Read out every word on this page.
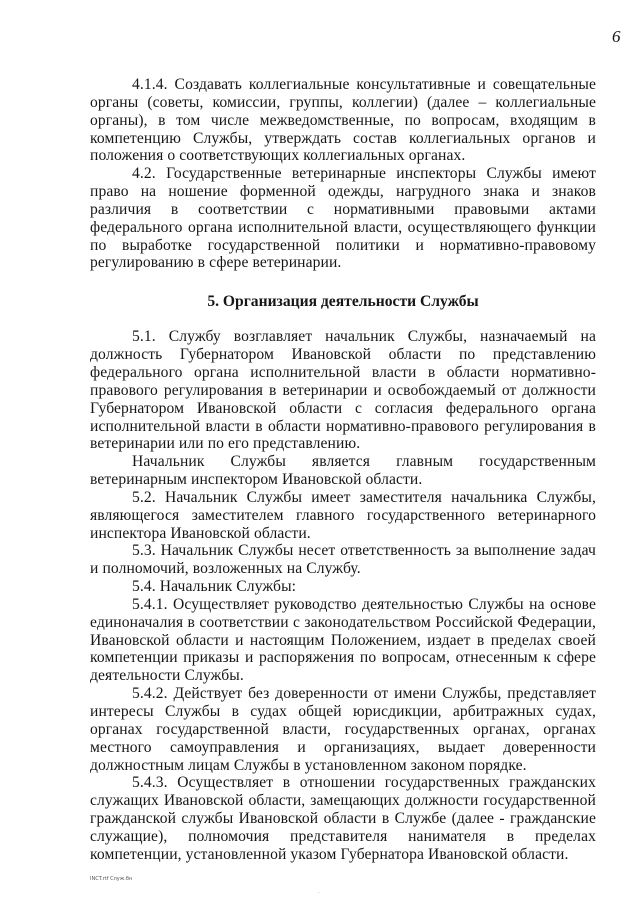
6

4.1.4. Создавать коллегиальные консультативные и совещательные органы (советы, комиссии, группы, коллегии) (далее – коллегиальные органы), в том числе межведомственные, по вопросам, входящим в компетенцию Службы, утверждать состав коллегиальных органов и положения о соответствующих коллегиальных органах.

4.2. Государственные ветеринарные инспекторы Службы имеют право на ношение форменной одежды, нагрудного знака и знаков различия в соответствии с нормативными правовыми актами федерального органа исполнительной власти, осуществляющего функции по выработке государственной политики и нормативно-правовому регулированию в сфере ветеринарии.

5. Организация деятельности Службы

5.1. Службу возглавляет начальник Службы, назначаемый на должность Губернатором Ивановской области по представлению федерального органа исполнительной власти в области нормативно-правового регулирования в ветеринарии и освобождаемый от должности Губернатором Ивановской области с согласия федерального органа исполнительной власти в области нормативно-правового регулирования в ветеринарии или по его представлению.

Начальник Службы является главным государственным ветеринарным инспектором Ивановской области.

5.2. Начальник Службы имеет заместителя начальника Службы, являющегося заместителем главного государственного ветеринарного инспектора Ивановской области.

5.3. Начальник Службы несет ответственность за выполнение задач и полномочий, возложенных на Службу.

5.4. Начальник Службы:

5.4.1. Осуществляет руководство деятельностью Службы на основе единоначалия в соответствии с законодательством Российской Федерации, Ивановской области и настоящим Положением, издает в пределах своей компетенции приказы и распоряжения по вопросам, отнесенным к сфере деятельности Службы.

5.4.2. Действует без доверенности от имени Службы, представляет интересы Службы в судах общей юрисдикции, арбитражных судах, органах государственной власти, государственных органах, органах местного самоуправления и организациях, выдает доверенности должностным лицам Службы в установленном законом порядке.

5.4.3. Осуществляет в отношении государственных гражданских служащих Ивановской области, замещающих должности государственной гражданской службы Ивановской области в Службе (далее - гражданские служащие), полномочия представителя нанимателя в пределах компетенции, установленной указом Губернатора Ивановской области.

INCT.rtf Служ.бн
·
